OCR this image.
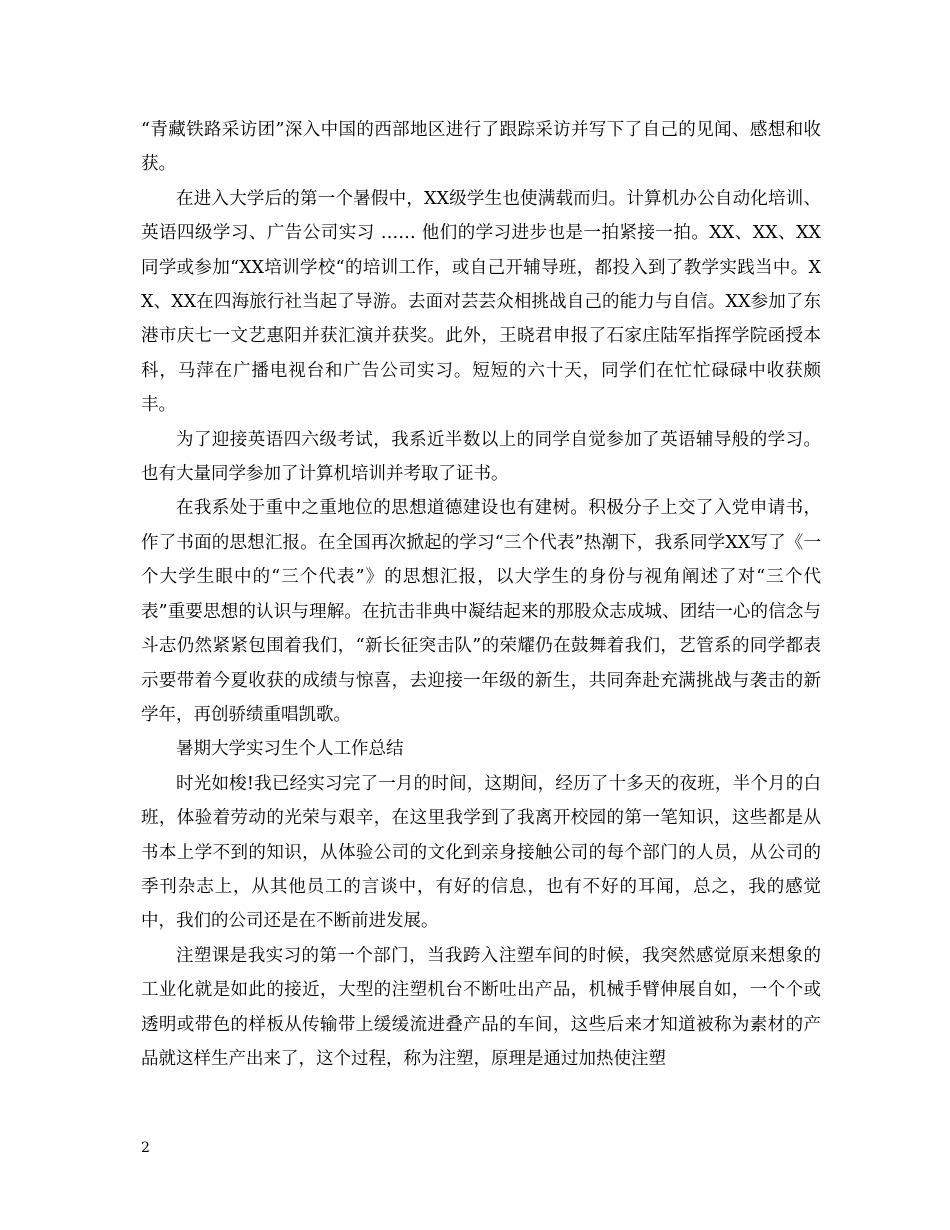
“青藏铁路采访团”深入中国的西部地区进行了跟踪采访并写下了自己的见闻、感想和收获。

在进入大学后的第一个暑假中，XX级学生也使满载而归。计算机办公自动化培训、英语四级学习、广告公司实习 …… 他们的学习进步也是一拍紧接一拍。XX、XX、XX同学或参加“XX培训学校“的培训工作，或自己开辅导班，都投入到了教学实践当中。XX、XX在四海旅行社当起了导游。去面对芸芸众相挑战自己的能力与自信。XX参加了东港市庆七一文艺惠阳并获汇演并获奖。此外，王晓君申报了石家庄陆军指挥学院函授本科，马萍在广播电视台和广告公司实习。短短的六十天，同学们在忙忙碌碌中收获颇丰。

为了迎接英语四六级考试，我系近半数以上的同学自觉参加了英语辅导般的学习。也有大量同学参加了计算机培训并考取了证书。

在我系处于重中之重地位的思想道德建设也有建树。积极分子上交了入党申请书，作了书面的思想汇报。在全国再次掀起的学习“三个代表”热潮下，我系同学XX写了《一个大学生眼中的“三个代表”》的思想汇报，以大学生的身份与视角阐述了对“三个代表”重要思想的认识与理解。在抗击非典中凝结起来的那股众志成城、团结一心的信念与斗志仍然紧紧包围着我们，“新长征突击队”的荣耀仍在鼓舞着我们，艺管系的同学都表示要带着今夏收获的成绩与惊喜，去迎接一年级的新生，共同奔赴充满挑战与袭击的新学年，再创骄绩重唱凯歌。

暑期大学实习生个人工作总结

时光如梭!我已经实习完了一月的时间，这期间，经历了十多天的夜班，半个月的白班，体验着劳动的光荣与艰辛，在这里我学到了我离开校园的第一笔知识，这些都是从书本上学不到的知识，从体验公司的文化到亲身接触公司的每个部门的人员，从公司的季刊杂志上，从其他员工的言谈中，有好的信息，也有不好的耳闻，总之，我的感觉中，我们的公司还是在不断前进发展。

注塑课是我实习的第一个部门，当我跨入注塑车间的时候，我突然感觉原来想象的工业化就是如此的接近，大型的注塑机台不断吐出产品，机械手臂伸展自如，一个个或透明或带色的样板从传输带上缓缓流进叠产品的车间，这些后来才知道被称为素材的产品就这样生产出来了，这个过程，称为注塑，原理是通过加热使注塑

2
